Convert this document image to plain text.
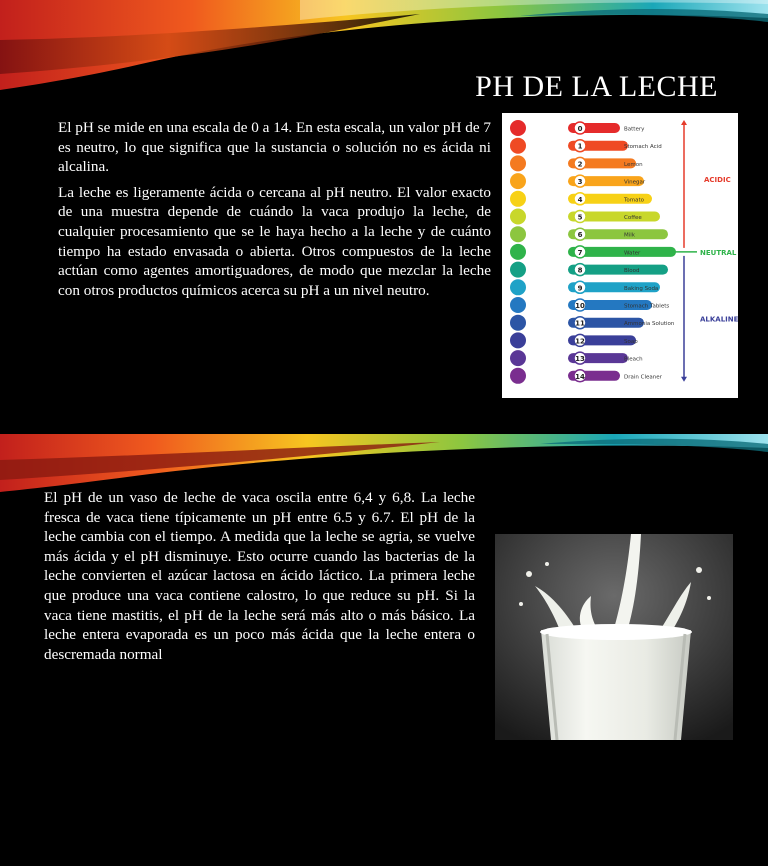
PH DE LA LECHE

El pH se mide en una escala de 0 a 14. En esta escala, un valor pH de 7 es neutro, lo que significa que la sustancia o solución no es ácida ni alcalina.

La leche es ligeramente ácida o cercana al pH neutro. El valor exacto de una muestra depende de cuándo la vaca produjo la leche, de cualquier procesamiento que se le haya hecho a la leche y de cuánto tiempo ha estado envasada o abierta. Otros compuestos de la leche actúan como agentes amortiguadores, de modo que mezclar la leche con otros productos químicos acerca su pH a un nivel neutro.

0	Battery
1	Stomach Acid
2	Lemon
3	Vinegar
4	Tomato
5	Coffee
6	Milk
7	Water
8	Blood
9	Baking Soda
10	Stomach Tablets
11	Ammonia Solution
12	Soap
13	Bleach
14	Drain Cleaner
ACIDIC
NEUTRAL
ALKALINE

El pH de un vaso de leche de vaca oscila entre 6,4 y 6,8. La leche fresca de vaca tiene típicamente un pH entre 6.5 y 6.7. El pH de la leche cambia con el tiempo. A medida que la leche se agria, se vuelve más ácida y el pH disminuye. Esto ocurre cuando las bacterias de la leche convierten el azúcar lactosa en ácido láctico. La primera leche que produce una vaca contiene calostro, lo que reduce su pH. Si la vaca tiene mastitis, el pH de la leche será más alto o más básico. La leche entera evaporada es un poco más ácida que la leche entera o descremada normal
